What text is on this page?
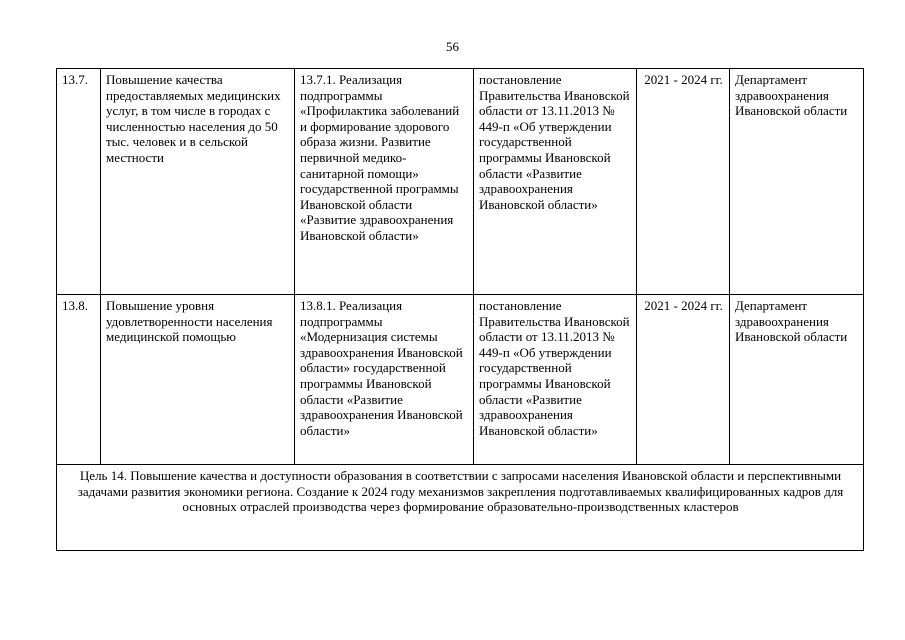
56
13.7.	Повышение качества предоставляемых медицинских услуг, в том числе в городах с численностью населения до 50 тыс. человек и в сельской местности	13.7.1. Реализация подпрограммы «Профилактика заболеваний и формирование здорового образа жизни. Развитие первичной медико-санитарной помощи» государственной программы Ивановской области «Развитие здравоохранения Ивановской области»	постановление Правительства Ивановской области от 13.11.2013 № 449-п «Об утверждении государственной программы Ивановской области «Развитие здравоохранения Ивановской области»	2021 - 2024 гг.	Департамент здравоохранения Ивановской области
13.8.	Повышение уровня удовлетворенности населения медицинской помощью	13.8.1. Реализация подпрограммы «Модернизация системы здравоохранения Ивановской области» государственной программы Ивановской области «Развитие здравоохранения Ивановской области»	постановление Правительства Ивановской области от 13.11.2013 № 449-п «Об утверждении государственной программы Ивановской области «Развитие здравоохранения Ивановской области»	2021 - 2024 гг.	Департамент здравоохранения Ивановской области
Цель 14. Повышение качества и доступности образования в соответствии с запросами населения Ивановской области и перспективными задачами развития экономики региона. Создание к 2024 году механизмов закрепления подготавливаемых квалифицированных кадров для основных отраслей производства через формирование образовательно-производственных кластеров					
